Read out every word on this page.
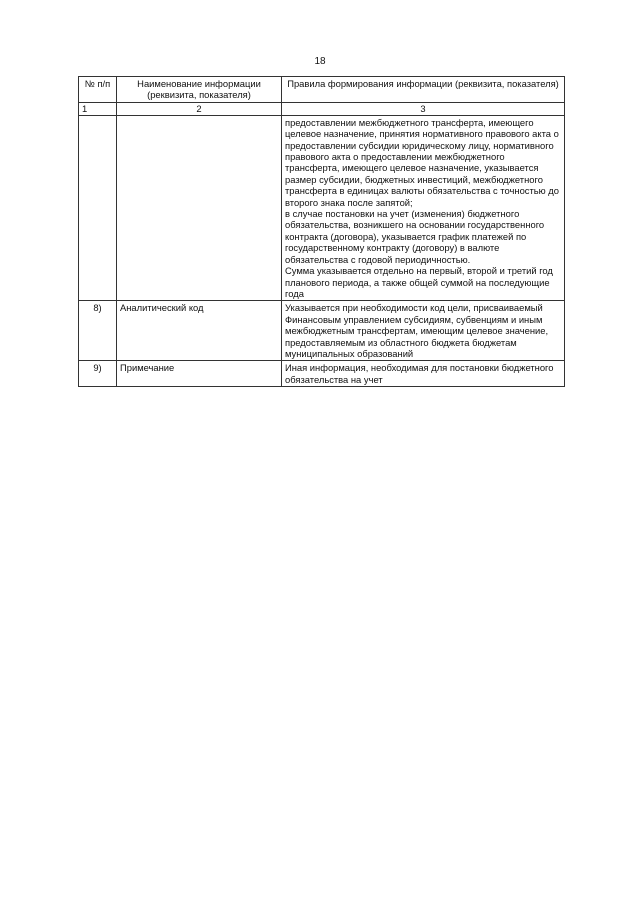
18
№ п/п	Наименование информации (реквизита, показателя)	Правила формирования информации (реквизита, показателя)
1	2	3

		предоставлении межбюджетного трансферта, имеющего целевое назначение, принятия нормативного правового акта о предоставлении субсидии юридическому лицу, нормативного правового акта о предоставлении межбюджетного трансферта, имеющего целевое назначение, указывается размер субсидии, бюджетных инвестиций, межбюджетного трансферта в единицах валюты обязательства с точностью до второго знака после запятой;
в случае постановки на учет (изменения) бюджетного обязательства, возникшего на основании государственного контракта (договора), указывается график платежей по государственному контракту (договору) в валюте обязательства с годовой периодичностью.
Сумма указывается отдельно на первый, второй и третий год планового периода, а также общей суммой на последующие года

8)	Аналитический код	Указывается при необходимости код цели, присваиваемый Финансовым управлением субсидиям, субвенциям и иным межбюджетным трансфертам, имеющим целевое значение, предоставляемым из областного бюджета бюджетам муниципальных образований

9)	Примечание	Иная информация, необходимая для постановки бюджетного обязательства на учет
